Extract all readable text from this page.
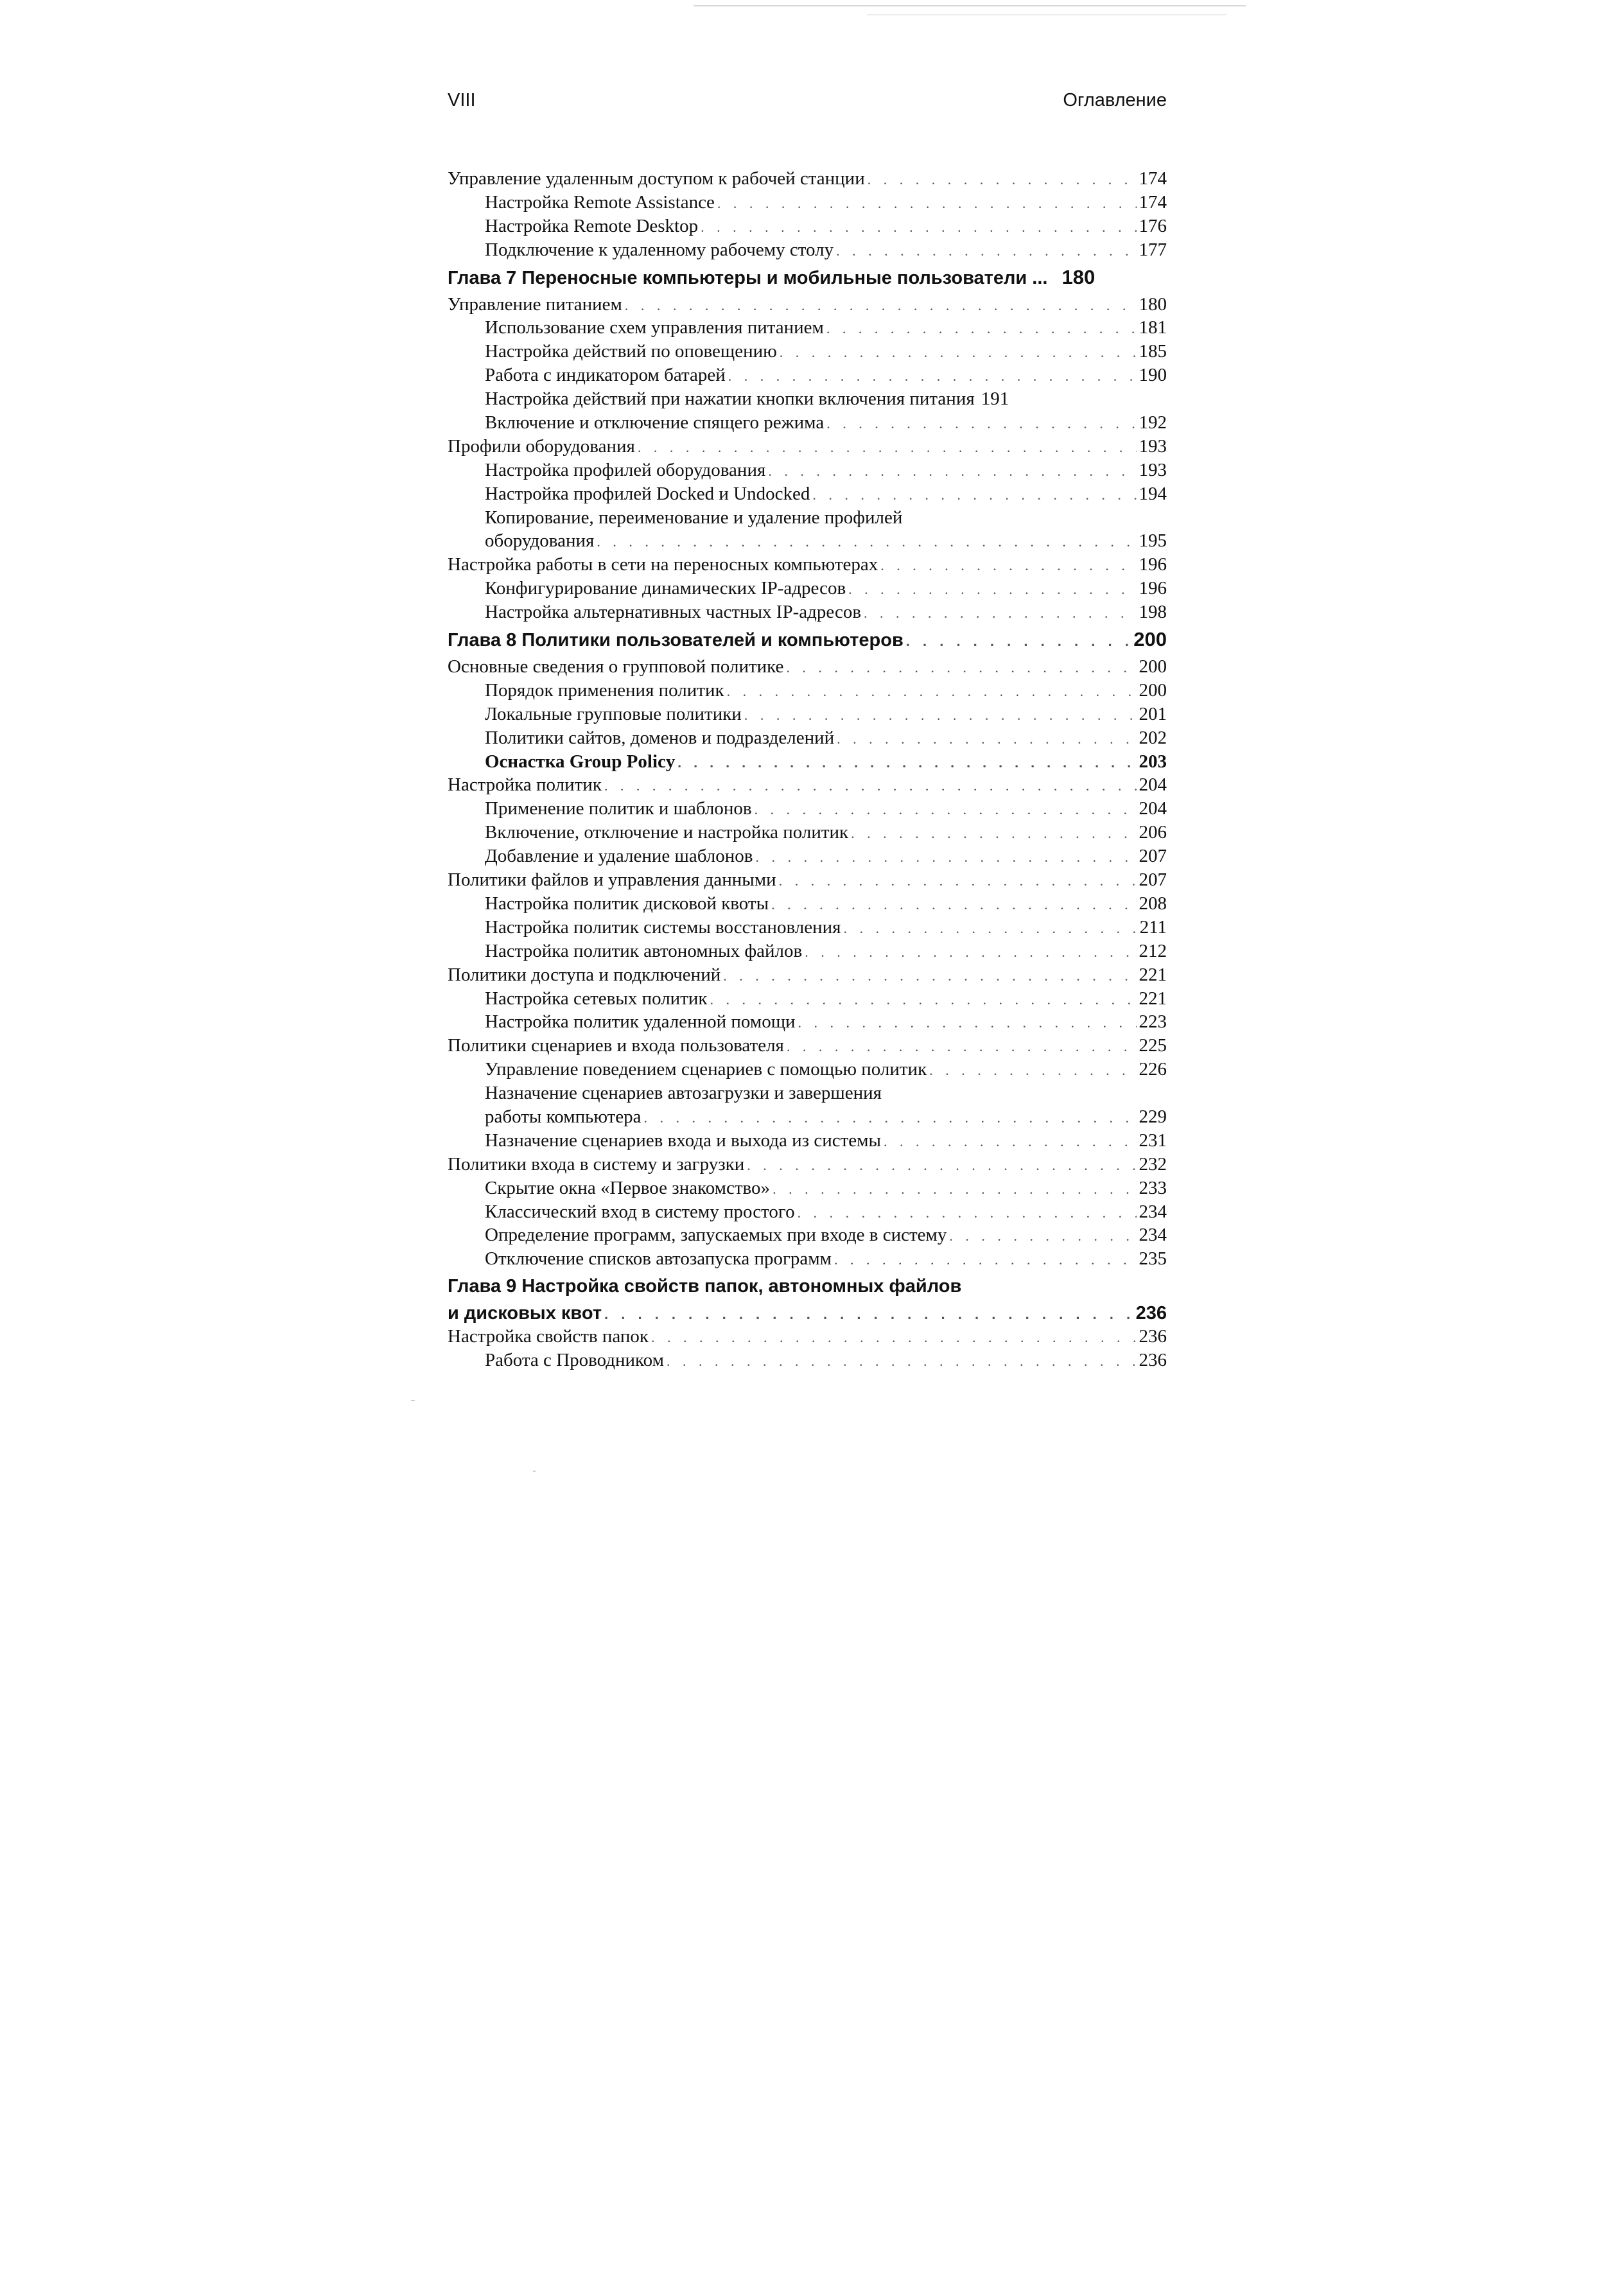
VIII	Оглавление
Управление удаленным доступом к рабочей станции . . .	174
Настройка Remote Assistance . . .	174
Настройка Remote Desktop . . .	176
Подключение к удаленному рабочему столу . . .	177
Глава 7 Переносные компьютеры и мобильные пользователи ... 180
Управление питанием . . .	180
Использование схем управления питанием . . .	181
Настройка действий по оповещению . . .	185
Работа с индикатором батарей . . .	190
Настройка действий при нажатии кнопки включения питания 191
Включение и отключение спящего режима . . .	192
Профили оборудования . . .	193
Настройка профилей оборудования . . .	193
Настройка профилей Docked и Undocked . . .	194
Копирование, переименование и удаление профилей
оборудования . . .	195
Настройка работы в сети на переносных компьютерах . . .	196
Конфигурирование динамических IP-адресов . . .	196
Настройка альтернативных частных IP-адресов . . .	198
Глава 8 Политики пользователей и компьютеров . . .	200
Основные сведения о групповой политике . . .	200
Порядок применения политик . . .	200
Локальные групповые политики . . .	201
Политики сайтов, доменов и подразделений . . .	202
Оснастка Group Policy . . .	203
Настройка политик . . .	204
Применение политик и шаблонов . . .	204
Включение, отключение и настройка политик . . .	206
Добавление и удаление шаблонов . . .	207
Политики файлов и управления данными . . .	207
Настройка политик дисковой квоты . . .	208
Настройка политик системы восстановления . . .	211
Настройка политик автономных файлов . . .	212
Политики доступа и подключений . . .	221
Настройка сетевых политик . . .	221
Настройка политик удаленной помощи . . .	223
Политики сценариев и входа пользователя . . .	225
Управление поведением сценариев с помощью политик . . .	226
Назначение сценариев автозагрузки и завершения
работы компьютера . . .	229
Назначение сценариев входа и выхода из системы . . .	231
Политики входа в систему и загрузки . . .	232
Скрытие окна «Первое знакомство» . . .	233
Классический вход в систему простого . . .	234
Определение программ, запускаемых при входе в систему . . .	234
Отключение списков автозапуска программ . . .	235
Глава 9 Настройка свойств папок, автономных файлов
и дисковых квот . . .	236
Настройка свойств папок . . .	236
Работа с Проводником . . .	236
